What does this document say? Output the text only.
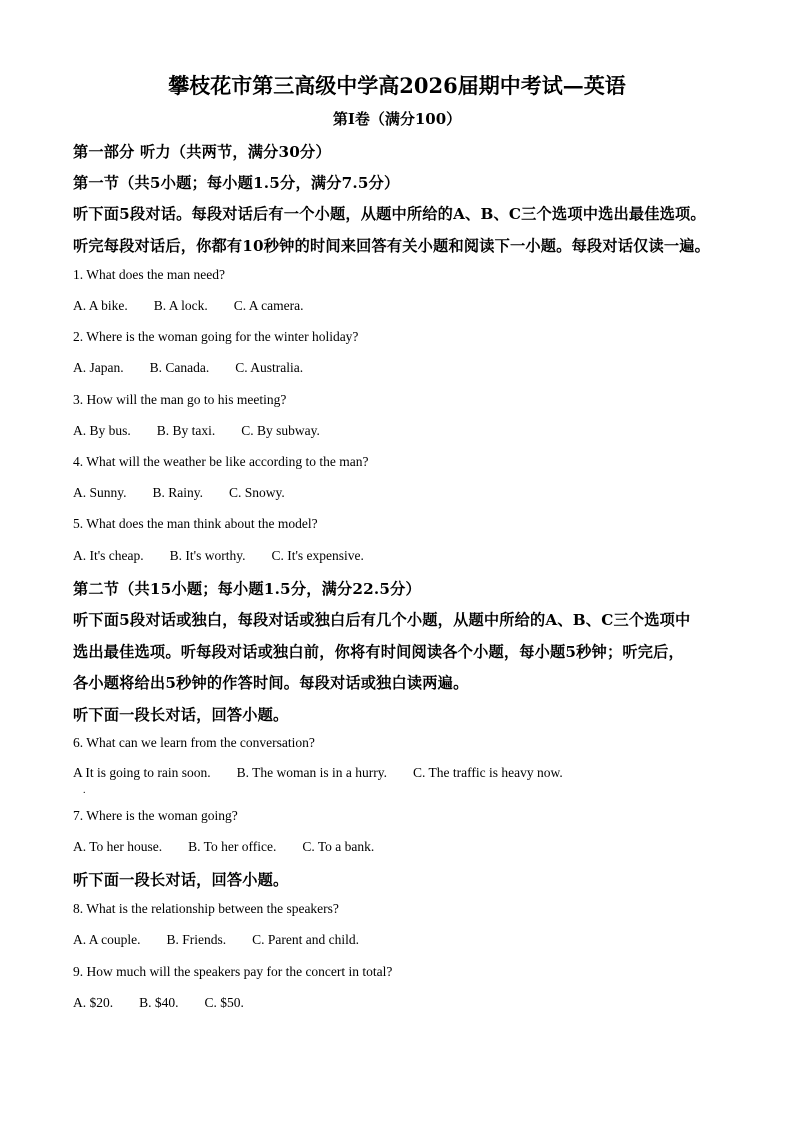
攀枝花市第三高级中学高2026届期中考试—英语
第Ⅰ卷（满分100）
第一部分 听力（共两节，满分30分）
第一节（共5小题；每小题1.5分，满分7.5分）
听下面5段对话。每段对话后有一个小题，从题中所给的A、B、C三个选项中选出最佳选项。
听完每段对话后，你都有10秒钟的时间来回答有关小题和阅读下一小题。每段对话仅读一遍。
1. What does the man need?
A. A bike. B. A lock. C. A camera.
2. Where is the woman going for the winter holiday?
A. Japan. B. Canada. C. Australia.
3. How will the man go to his meeting?
A. By bus. B. By taxi. C. By subway.
4. What will the weather be like according to the man?
A. Sunny. B. Rainy. C. Snowy.
5. What does the man think about the model?
A. It's cheap. B. It's worthy. C. It's expensive.
第二节（共15小题；每小题1.5分，满分22.5分）
听下面5段对话或独白，每段对话或独白后有几个小题，从题中所给的A、B、C三个选项中
选出最佳选项。听每段对话或独白前，你将有时间阅读各个小题，每小题5秒钟；听完后，
各小题将给出5秒钟的作答时间。每段对话或独白读两遍。
听下面一段长对话，回答小题。
6. What can we learn from the conversation?
A It is going to rain soon. B. The woman is in a hurry. C. The traffic is heavy now.
.
7. Where is the woman going?
A. To her house. B. To her office. C. To a bank.
听下面一段长对话，回答小题。
8. What is the relationship between the speakers?
A. A couple. B. Friends. C. Parent and child.
9. How much will the speakers pay for the concert in total?
A. $20. B. $40. C. $50.
